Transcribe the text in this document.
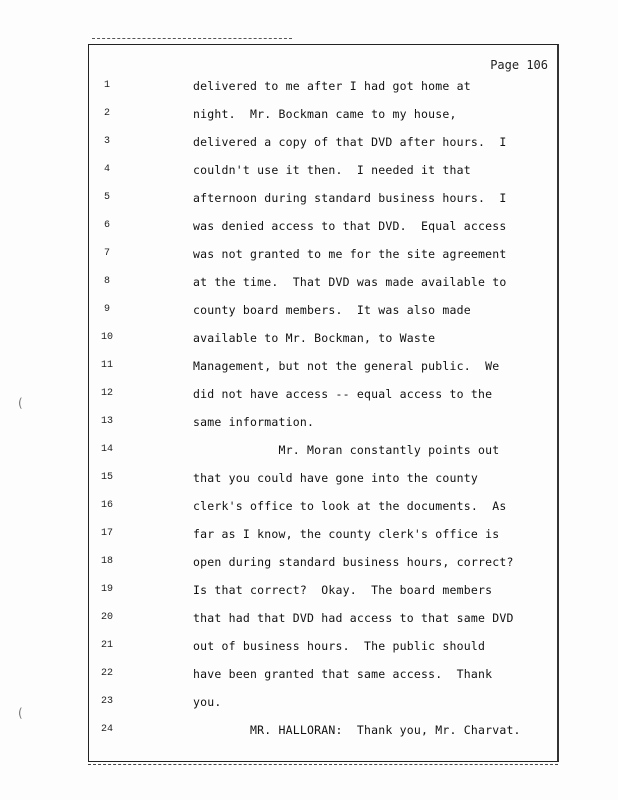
Page 106
(
(
1	delivered to me after I had got home at
2	night.  Mr. Bockman came to my house,
3	delivered a copy of that DVD after hours.  I
4	couldn't use it then.  I needed it that
5	afternoon during standard business hours.  I
6	was denied access to that DVD.  Equal access
7	was not granted to me for the site agreement
8	at the time.  That DVD was made available to
9	county board members.  It was also made
10	available to Mr. Bockman, to Waste
11	Management, but not the general public.  We
12	did not have access -- equal access to the
13	same information.
14	Mr. Moran constantly points out
15	that you could have gone into the county
16	clerk's office to look at the documents.  As
17	far as I know, the county clerk's office is
18	open during standard business hours, correct?
19	Is that correct?  Okay.  The board members
20	that had that DVD had access to that same DVD
21	out of business hours.  The public should
22	have been granted that same access.  Thank
23	you.
24	MR. HALLORAN:  Thank you, Mr. Charvat.
